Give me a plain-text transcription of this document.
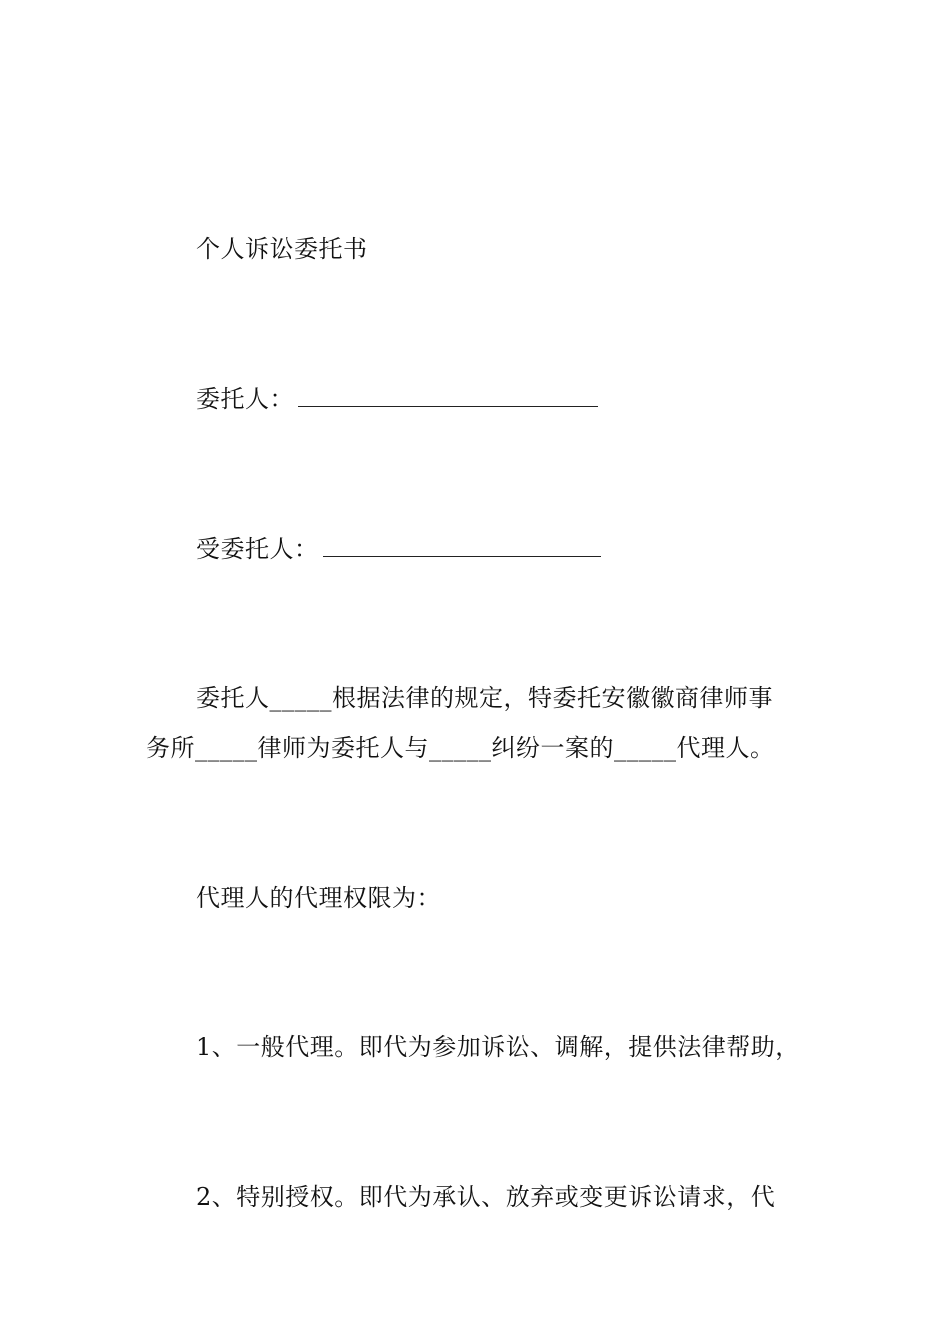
个人诉讼委托书
委托人：
受委托人：
委托人_____根据法律的规定，特委托安徽徽商律师事
务所_____律师为委托人与_____纠纷一案的_____代理人。
代理人的代理权限为：
1、一般代理。即代为参加诉讼、调解，提供法律帮助，
2、特别授权。即代为承认、放弃或变更诉讼请求，代
